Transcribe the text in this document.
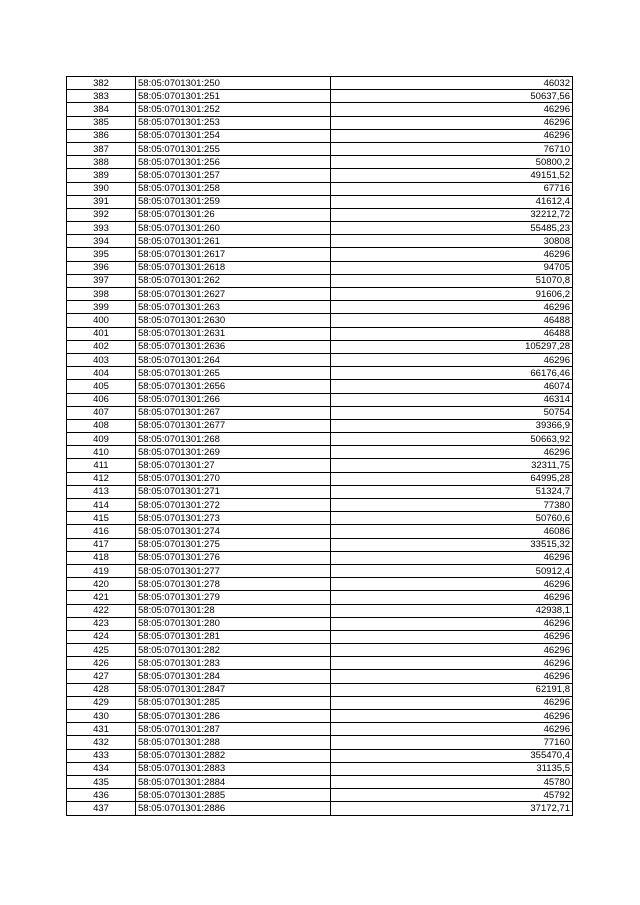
382	58:05:0701301:250	46032
383	58:05:0701301:251	50637,56
384	58:05:0701301:252	46296
385	58:05:0701301:253	46296
386	58:05:0701301:254	46296
387	58:05:0701301:255	76710
388	58:05:0701301:256	50800,2
389	58:05:0701301:257	49151,52
390	58:05:0701301:258	67716
391	58:05:0701301:259	41612,4
392	58:05:0701301:26	32212,72
393	58:05:0701301:260	55485,23
394	58:05:0701301:261	30808
395	58:05:0701301:2617	46296
396	58:05:0701301:2618	94705
397	58:05:0701301:262	51070,8
398	58:05:0701301:2627	91606,2
399	58:05:0701301:263	46296
400	58:05:0701301:2630	46488
401	58:05:0701301:2631	46488
402	58:05:0701301:2636	105297,28
403	58:05:0701301:264	46296
404	58:05:0701301:265	66176,46
405	58:05:0701301:2656	46074
406	58:05:0701301:266	46314
407	58:05:0701301:267	50754
408	58:05:0701301:2677	39366,9
409	58:05:0701301:268	50663,92
410	58:05:0701301:269	46296
411	58:05:0701301:27	32311,75
412	58:05:0701301:270	64995,28
413	58:05:0701301:271	51324,7
414	58:05:0701301:272	77380
415	58:05:0701301:273	50760,6
416	58:05:0701301:274	46086
417	58:05:0701301:275	33515,32
418	58:05:0701301:276	46296
419	58:05:0701301:277	50912,4
420	58:05:0701301:278	46296
421	58:05:0701301:279	46296
422	58:05:0701301:28	42938,1
423	58:05:0701301:280	46296
424	58:05:0701301:281	46296
425	58:05:0701301:282	46296
426	58:05:0701301:283	46296
427	58:05:0701301:284	46296
428	58:05:0701301:2847	62191,8
429	58:05:0701301:285	46296
430	58:05:0701301:286	46296
431	58:05:0701301:287	46296
432	58:05:0701301:288	77160
433	58:05:0701301:2882	355470,4
434	58:05:0701301:2883	31135,5
435	58:05:0701301:2884	45780
436	58:05:0701301:2885	45792
437	58:05:0701301:2886	37172,71
